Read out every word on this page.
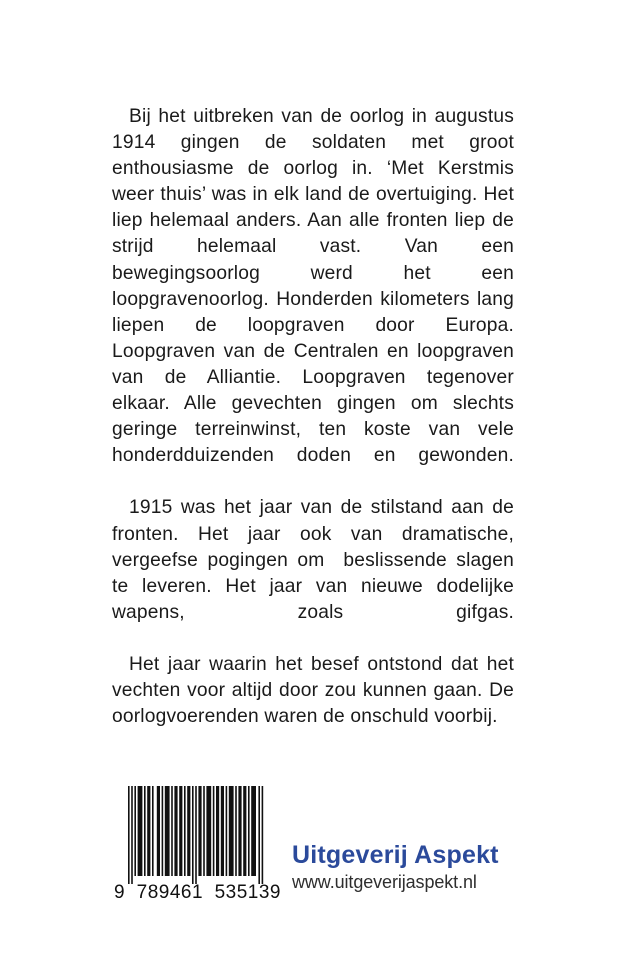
Bij het uitbreken van de oorlog in augustus 1914 gingen de soldaten met groot enthousiasme de oorlog in. ‘Met Kerstmis weer thuis’ was in elk land de overtuiging. Het liep helemaal anders. Aan alle fronten liep de strijd helemaal vast. Van een bewegingsoorlog werd het een loopgravenoorlog. Honderden kilometers lang liepen de loopgraven door Europa. Loopgraven van de Centralen en loopgraven van de Alliantie. Loopgraven tegenover elkaar. Alle gevechten gingen om slechts geringe terreinwinst, ten koste van vele honderdduizenden doden en gewonden.

1915 was het jaar van de stilstand aan de fronten. Het jaar ook van dramatische, vergeefse pogingen om  beslissende slagen te leveren. Het jaar van nieuwe dodelijke wapens, zoals gifgas.

Het jaar waarin het besef ontstond dat het vechten voor altijd door zou kunnen gaan. De oorlogvoerenden waren de onschuld voorbij.

9  789461  535139
Uitgeverij Aspekt
www.uitgeverijaspekt.nl
